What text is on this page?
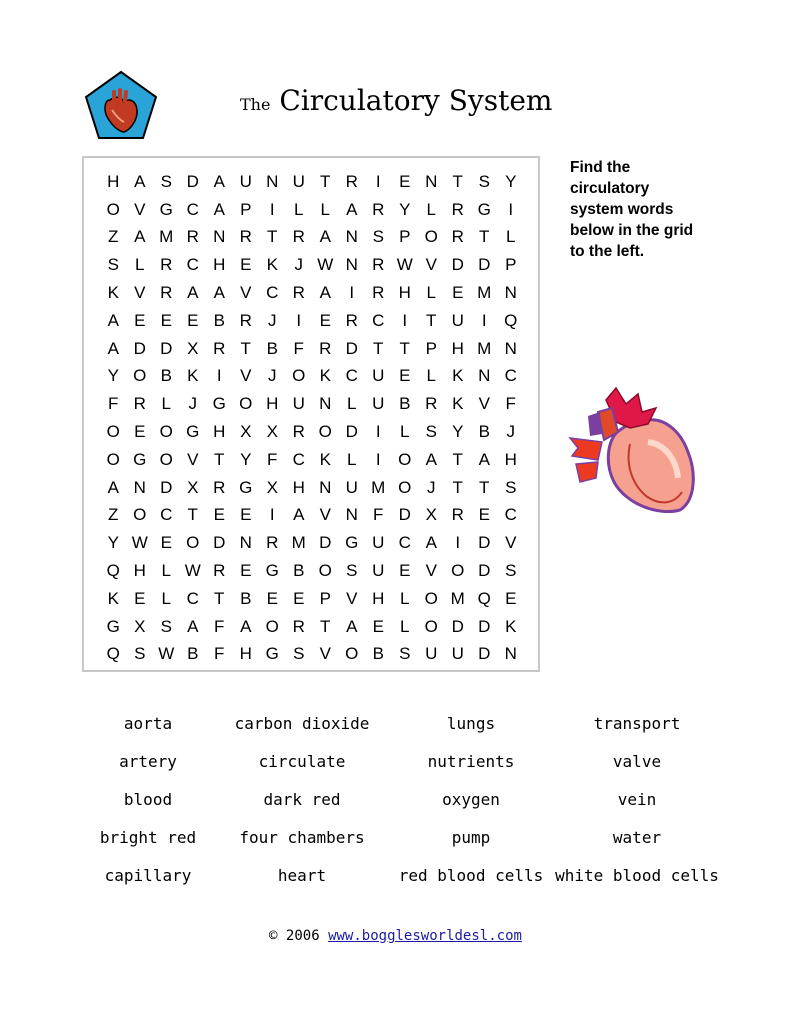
The Circulatory System
H A S D A U N U T R	I	E N T S Y
O V G C A P	I	L	L A R Y L R G	I
Z A M R N R T R A N S P O R T L
S L R C H E K J W N R W V D D P
K V R A A V C R A	I	R H L E M N
A E E E B R J	I	E R C	I	T U	I	Q
A D D X R T B F R D T T P H M N
Y O B K	I	V J O K C U E L K N C
F R L	J G O H U N L U B R K V F
O E O G H X X R O D	I	L S Y B J
O G O V T Y F C K L	I	O A T A H
A N D X R G X H N U M O J	T T S
Z O C T E E	I	A V N F D X R E C
Y W E O D N R M D G U C A	I	D V
Q H L W R E G B O S U E V O D S
K E L C T B E E P V H L O M Q E
G X S A F A O R T A E L O D D K
Q S W B F H G S V O B S U U D N
Find the
circulatory
system words
below in the grid
to the left.
aorta	carbon dioxide	lungs	transport
artery	circulate	nutrients	valve
blood	dark red	oxygen	vein
bright red	four chambers	pump	water
capillary	heart	red blood cells white blood cells
© 2006 www.bogglesworldesl.com
